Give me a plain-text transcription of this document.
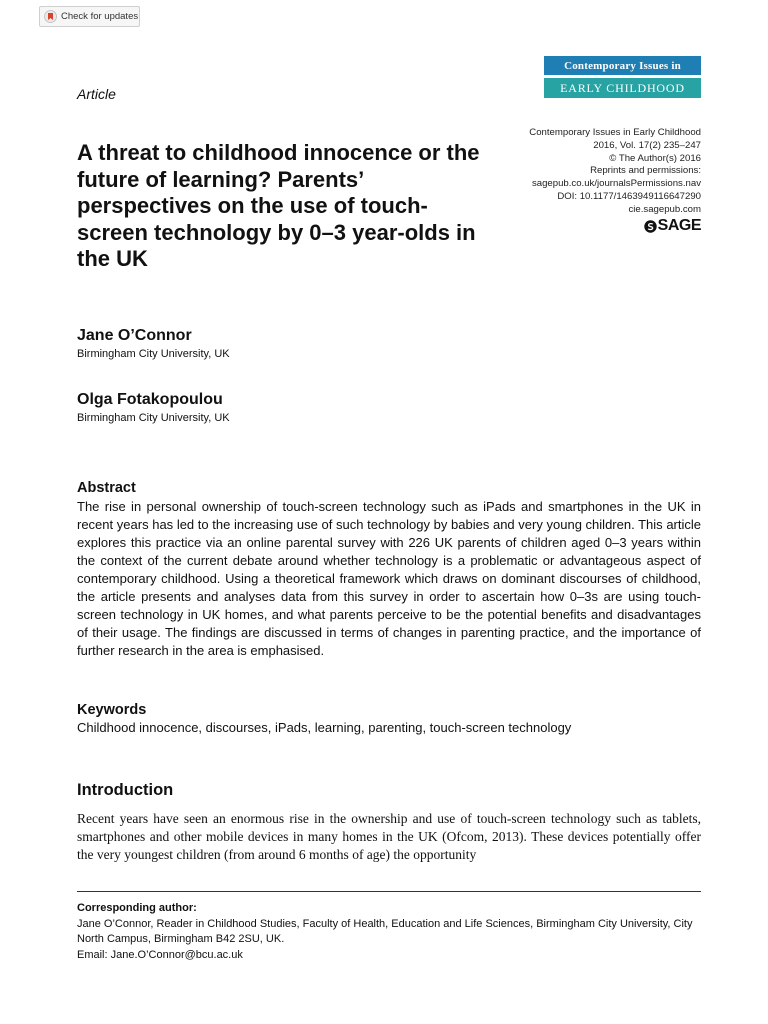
Check for updates
Contemporary Issues in
EARLY CHILDHOOD
Article
Contemporary Issues in Early Childhood
2016, Vol. 17(2) 235–247
© The Author(s) 2016
Reprints and permissions:
sagepub.co.uk/journalsPermissions.nav
DOI: 10.1177/1463949116647290
cie.sagepub.com
SAGE
A threat to childhood innocence or the future of learning? Parents’ perspectives on the use of touch-screen technology by 0–3 year-olds in the UK
Jane O’Connor
Birmingham City University, UK
Olga Fotakopoulou
Birmingham City University, UK
Abstract

The rise in personal ownership of touch-screen technology such as iPads and smartphones in the UK in recent years has led to the increasing use of such technology by babies and very young children. This article explores this practice via an online parental survey with 226 UK parents of children aged 0–3 years within the context of the current debate around whether technology is a problematic or advantageous aspect of contemporary childhood. Using a theoretical framework which draws on dominant discourses of childhood, the article presents and analyses data from this survey in order to ascertain how 0–3s are using touch-screen technology in UK homes, and what parents perceive to be the potential benefits and disadvantages of their usage. The findings are discussed in terms of changes in parenting practice, and the importance of further research in the area is emphasised.

Keywords
Childhood innocence, discourses, iPads, learning, parenting, touch-screen technology
Introduction

Recent years have seen an enormous rise in the ownership and use of touch-screen technology such as tablets, smartphones and other mobile devices in many homes in the UK (Ofcom, 2013). These devices potentially offer the very youngest children (from around 6 months of age) the opportunity

Corresponding author:
Jane O’Connor, Reader in Childhood Studies, Faculty of Health, Education and Life Sciences, Birmingham City University, City North Campus, Birmingham B42 2SU, UK.
Email: Jane.O’Connor@bcu.ac.uk
